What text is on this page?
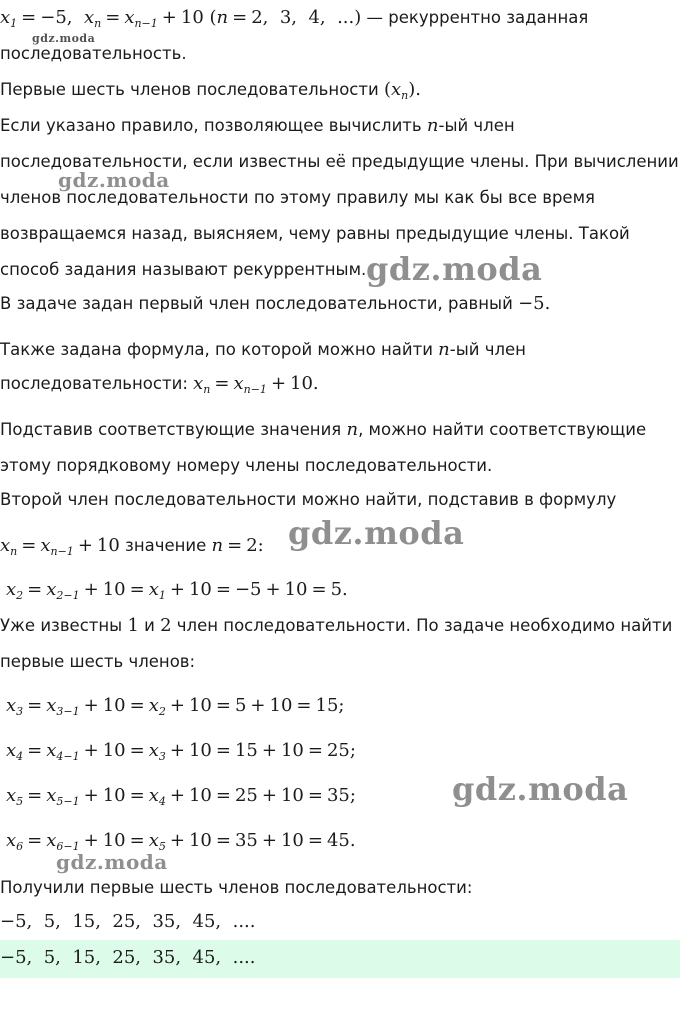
$x_1 = -5$,  $x_n = x_{n-1} + 10$ (n = 2,  3,  4,  ...) — рекуррентно заданная
последовательность.
Первые шесть членов последовательности $(x_n)$.
Если указано правило, позволяющее вычислить n-ый член
последовательности, если известны её предыдущие члены. При вычислении
членов последовательности по этому правилу мы как бы все время
возвращаемся назад, выясняем, чему равны предыдущие члены. Такой
способ задания называют рекуррентным.
В задаче задан первый член последовательности, равный −5.
Также задана формула, по которой можно найти n-ый член
последовательности: $x_n = x_{n-1} + 10$.
Подставив соответствующие значения n, можно найти соответствующие
этому порядковому номеру члены последовательности.
Второй член последовательности можно найти, подставив в формулу
$x_n = x_{n-1} + 10$ значение n = 2:
$x_2 = x_{2-1} + 10 = x_1 + 10 = -5 + 10 = 5$.
Уже известны 1 и 2 член последовательности. По задаче необходимо найти
первые шесть членов:
$x_3 = x_{3-1} + 10 = x_2 + 10 = 5 + 10 = 15$;
$x_4 = x_{4-1} + 10 = x_3 + 10 = 15 + 10 = 25$;
$x_5 = x_{5-1} + 10 = x_4 + 10 = 25 + 10 = 35$;
$x_6 = x_{6-1} + 10 = x_5 + 10 = 35 + 10 = 45$.
Получили первые шесть членов последовательности:
−5,  5,  15,  25,  35,  45,  ....
−5,  5,  15,  25,  35,  45,  ....
gdz.moda
gdz.moda
gdz.moda
gdz.moda
gdz.moda
gdz.moda
